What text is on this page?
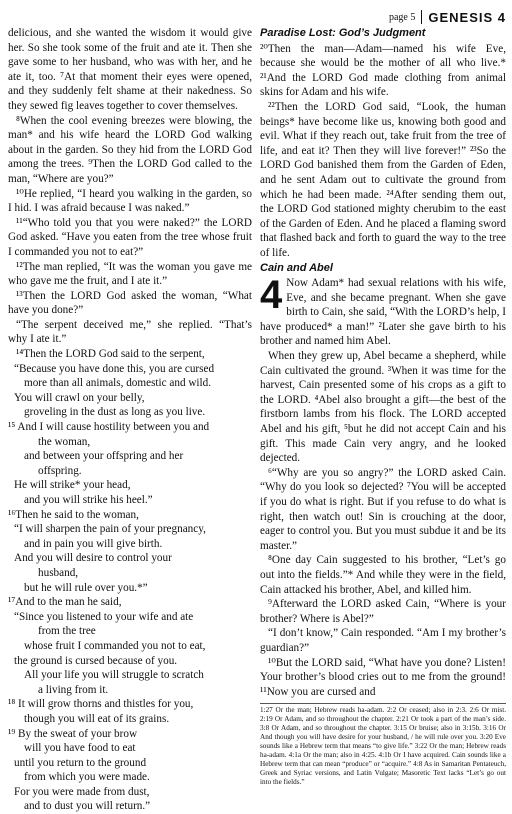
page 5 GENESIS 4

delicious, and she wanted the wisdom it would give her. So she took some of the fruit and ate it. Then she gave some to her husband, who was with her, and he ate it, too. ⁷At that moment their eyes were opened, and they suddenly felt shame at their nakedness. So they sewed fig leaves together to cover themselves.

⁸When the cool evening breezes were blowing, the man* and his wife heard the LORD God walking about in the garden. So they hid from the LORD God among the trees. ⁹Then the LORD God called to the man, “Where are you?”

¹⁰He replied, “I heard you walking in the garden, so I hid. I was afraid because I was naked.”

¹¹“Who told you that you were naked?” the LORD God asked. “Have you eaten from the tree whose fruit I commanded you not to eat?”

¹²The man replied, “It was the woman you gave me who gave me the fruit, and I ate it.”

¹³Then the LORD God asked the woman, “What have you done?”

“The serpent deceived me,” she replied. “That’s why I ate it.”

¹⁴Then the LORD God said to the serpent,

“Because you have done this, you are cursed
more than all animals, domestic and wild.
You will crawl on your belly,
groveling in the dust as long as you live.
¹⁵ And I will cause hostility between you and
the woman,
and between your offspring and her
offspring.
He will strike* your head,
and you will strike his heel.”

¹⁶Then he said to the woman,

“I will sharpen the pain of your pregnancy,
and in pain you will give birth.
And you will desire to control your
husband,
but he will rule over you.*”

¹⁷And to the man he said,

“Since you listened to your wife and ate
from the tree
whose fruit I commanded you not to eat,
the ground is cursed because of you.
All your life you will struggle to scratch
a living from it.
¹⁸ It will grow thorns and thistles for you,
though you will eat of its grains.
¹⁹ By the sweat of your brow
will you have food to eat
until you return to the ground
from which you were made.
For you were made from dust,
and to dust you will return.”
Paradise Lost: God’s Judgment

²⁰Then the man—Adam—named his wife Eve, because she would be the mother of all who live.* ²¹And the LORD God made clothing from animal skins for Adam and his wife.

²²Then the LORD God said, “Look, the human beings* have become like us, knowing both good and evil. What if they reach out, take fruit from the tree of life, and eat it? Then they will live forever!” ²³So the LORD God banished them from the Garden of Eden, and he sent Adam out to cultivate the ground from which he had been made. ²⁴After sending them out, the LORD God stationed mighty cherubim to the east of the Garden of Eden. And he placed a flaming sword that flashed back and forth to guard the way to the tree of life.

Cain and Abel

4 Now Adam* had sexual relations with his wife, Eve, and she became pregnant. When she gave birth to Cain, she said, “With the LORD’s help, I have produced* a man!” ²Later she gave birth to his brother and named him Abel.

When they grew up, Abel became a shepherd, while Cain cultivated the ground. ³When it was time for the harvest, Cain presented some of his crops as a gift to the LORD. ⁴Abel also brought a gift—the best of the firstborn lambs from his flock. The LORD accepted Abel and his gift, ⁵but he did not accept Cain and his gift. This made Cain very angry, and he looked dejected.

⁶“Why are you so angry?” the LORD asked Cain. “Why do you look so dejected? ⁷You will be accepted if you do what is right. But if you refuse to do what is right, then watch out! Sin is crouching at the door, eager to control you. But you must subdue it and be its master.”

⁸One day Cain suggested to his brother, “Let’s go out into the fields.”* And while they were in the field, Cain attacked his brother, Abel, and killed him.

⁹Afterward the LORD asked Cain, “Where is your brother? Where is Abel?”

“I don’t know,” Cain responded. “Am I my brother’s guardian?”

¹⁰But the LORD said, “What have you done? Listen! Your brother’s blood cries out to me from the ground! ¹¹Now you are cursed and

1:27 Or the man; Hebrew reads ha-adam. 2:2 Or ceased; also in 2:3. 2:6 Or mist. 2:19 Or Adam, and so throughout the chapter. 2:21 Or took a part of the man’s side. 3:8 Or Adam, and so throughout the chapter. 3:15 Or bruise; also in 3:15b. 3:16 Or And though you will have desire for your husband, / he will rule over you. 3:20 Eve sounds like a Hebrew term that means “to give life.” 3:22 Or the man; Hebrew reads ha-adam. 4:1a Or the man; also in 4:25. 4:1b Or I have acquired. Cain sounds like a Hebrew term that can mean “produce” or “acquire.” 4:8 As in Samaritan Pentateuch, Greek and Syriac versions, and Latin Vulgate; Masoretic Text lacks “Let’s go out into the fields.”
